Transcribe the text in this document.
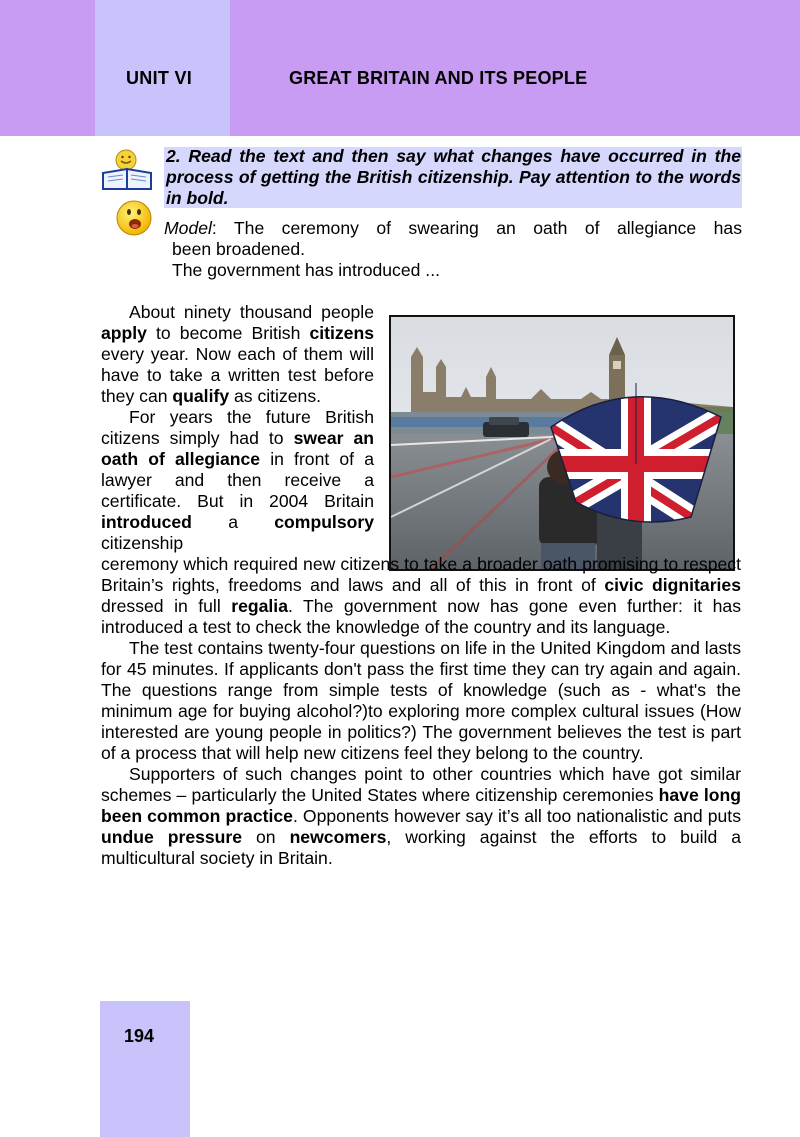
UNIT VI	GREAT BRITAIN AND ITS PEOPLE
2. Read the text and then say what changes have occurred in the process of getting the British citizenship. Pay attention to the words in bold.
Model: The ceremony of swearing an oath of allegiance has
been broadened.
The government has introduced ...

About ninety thousand people apply to become British citizens every year. Now each of them will have to take a written test before they can qualify as citizens.

For years the future British citizens simply had to swear an oath of allegiance in front of a lawyer and then receive a certificate. But in 2004 Britain introduced a compulsory citizenship

ceremony which required new citizens to take a broader oath promising to respect Britain’s rights, freedoms and laws and all of this in front of civic dignitaries dressed in full regalia. The government now has gone even further: it has introduced a test to check the knowledge of the country and its language.

The test contains twenty-four questions on life in the United Kingdom and lasts for 45 minutes. If applicants don't pass the first time they can try again and again. The questions range from simple tests of knowledge (such as - what's the minimum age for buying alcohol?)to exploring more complex cultural issues (How interested are young people in politics?) The government believes the test is part of a process that will help new citizens feel they belong to the country.

Supporters of such changes point to other countries which have got similar schemes – particularly the United States where citizenship ceremonies have long been common practice. Opponents however say it’s all too nationalistic and puts undue pressure on newcomers, working against the efforts to build a multicultural society in Britain.

194
